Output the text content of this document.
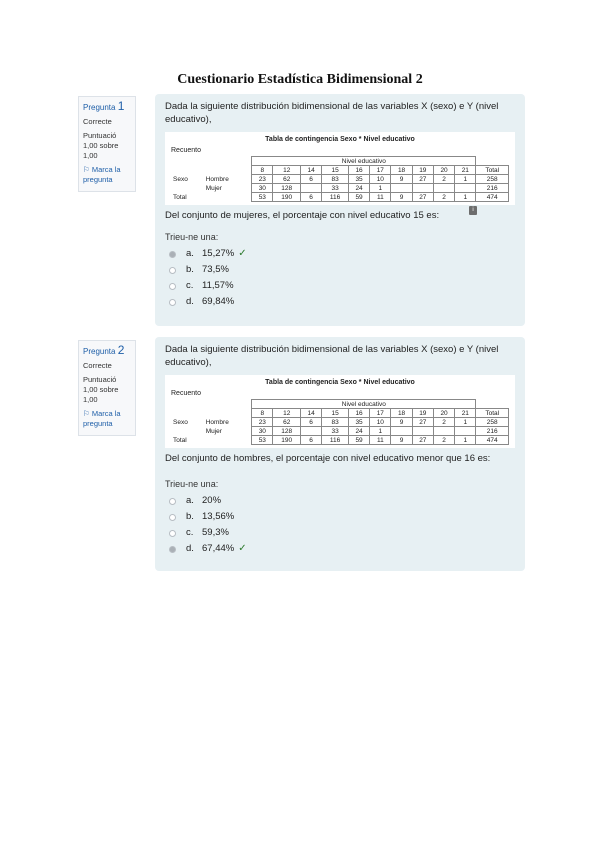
Cuestionario Estadística Bidimensional 2
Pregunta 1
Correcte
Puntuació 1,00 sobre 1,00
⚐ Marca la pregunta
Dada la siguiente distribución bidimensional de las variables X (sexo) e Y (nivel educativo),
Tabla de contingencia Sexo * Nivel educativo
Recuento
		Nivel educativo										
		8	12	14	15	16	17	18	19	20	21	Total
Sexo	Hombre	23	62	6	83	35	10	9	27	2	1	258
	Mujer	30	128		33	24	1					216
Total		53	190	6	116	59	11	9	27	2	1	474
i
Del conjunto de mujeres, el porcentaje con nivel educativo 15 es:
Trieu-ne una:
a. 15,27% ✓
b. 73,5%
c. 11,57%
d. 69,84%
Pregunta 2
Correcte
Puntuació 1,00 sobre 1,00
⚐ Marca la pregunta
Dada la siguiente distribución bidimensional de las variables X (sexo) e Y (nivel educativo),
Tabla de contingencia Sexo * Nivel educativo
Recuento
		Nivel educativo										
		8	12	14	15	16	17	18	19	20	21	Total
Sexo	Hombre	23	62	6	83	35	10	9	27	2	1	258
	Mujer	30	128		33	24	1					216
Total		53	190	6	116	59	11	9	27	2	1	474
Del conjunto de hombres, el porcentaje con nivel educativo menor que 16 es:
Trieu-ne una:
a. 20%
b. 13,56%
c. 59,3%
d. 67,44% ✓
